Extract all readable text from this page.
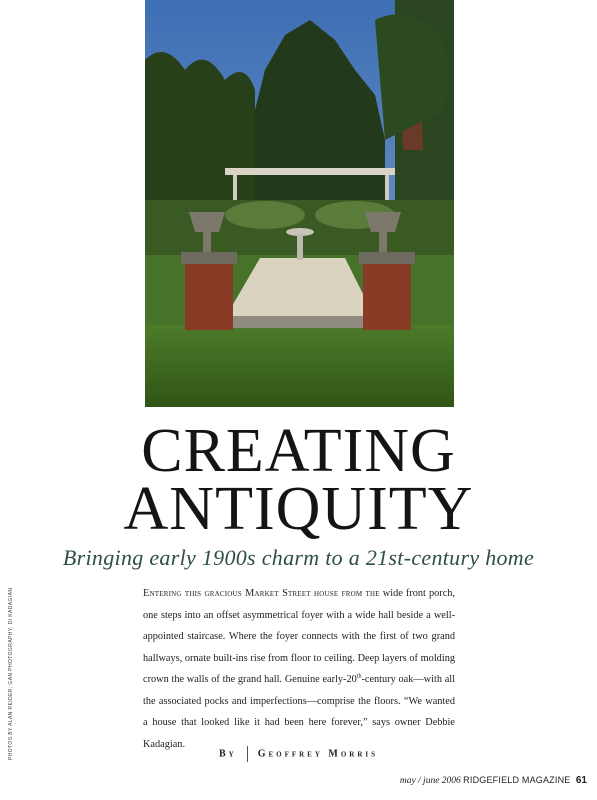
CREATING
ANTIQUITY

Bringing early 1900s charm to a 21st-century home

Entering this gracious Market Street house from the wide front porch, one steps into an offset asymmetrical foyer with a wide hall beside a well-appointed staircase. Where the foyer connects with the first of two grand hallways, ornate built-ins rise from floor to ceiling. Deep layers of molding crown the walls of the grand hall. Genuine early-20th-century oak—with all the associated pocks and imperfections—comprise the floors. “We wanted a house that looked like it had been here forever,” says owner Debbie Kadagian.
By Geoffrey Morris
PHOTOS BY ALAN REIDER; GAN PHOTOGRAPHY; DI KADAGIAN
may / june 2006 RIDGEFIELD MAGAZINE 61
